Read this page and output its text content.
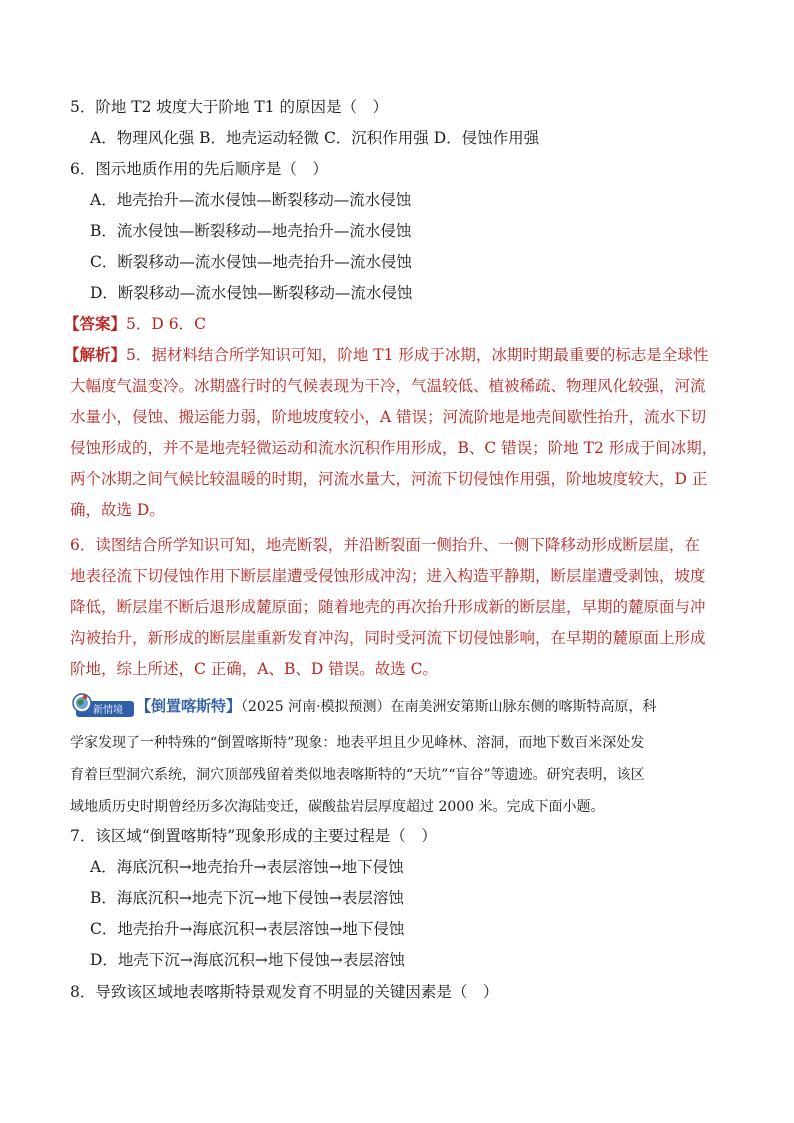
5．阶地 T2 坡度大于阶地 T1 的原因是（　）
A．物理风化强 B．地壳运动轻微 C．沉积作用强 D．侵蚀作用强
6．图示地质作用的先后顺序是（　）
A．地壳抬升—流水侵蚀—断裂移动—流水侵蚀
B．流水侵蚀—断裂移动—地壳抬升—流水侵蚀
C．断裂移动—流水侵蚀—地壳抬升—流水侵蚀
D．断裂移动—流水侵蚀—断裂移动—流水侵蚀
【答案】5．D 6．C
【解析】5．据材料结合所学知识可知，阶地 T1 形成于冰期，冰期时期最重要的标志是全球性
大幅度气温变冷。冰期盛行时的气候表现为干冷，气温较低、植被稀疏、物理风化较强，河流
水量小，侵蚀、搬运能力弱，阶地坡度较小，A 错误；河流阶地是地壳间歇性抬升，流水下切
侵蚀形成的，并不是地壳轻微运动和流水沉积作用形成，B、C 错误；阶地 T2 形成于间冰期，
两个冰期之间气候比较温暖的时期，河流水量大，河流下切侵蚀作用强，阶地坡度较大，D 正
确，故选 D。
6．读图结合所学知识可知，地壳断裂，并沿断裂面一侧抬升、一侧下降移动形成断层崖，在
地表径流下切侵蚀作用下断层崖遭受侵蚀形成冲沟；进入构造平静期，断层崖遭受剥蚀，坡度
降低，断层崖不断后退形成麓原面；随着地壳的再次抬升形成新的断层崖，早期的麓原面与冲
沟被抬升，新形成的断层崖重新发育冲沟，同时受河流下切侵蚀影响，在早期的麓原面上形成
阶地，综上所述，C 正确，A、B、D 错误。故选 C。
新情境 【倒置喀斯特】（2025 河南·模拟预测）在南美洲安第斯山脉东侧的喀斯特高原，科
学家发现了一种特殊的“倒置喀斯特”现象：地表平坦且少见峰林、溶洞，而地下数百米深处发
育着巨型洞穴系统，洞穴顶部残留着类似地表喀斯特的“天坑”“盲谷”等遗迹。研究表明，该区
域地质历史时期曾经历多次海陆变迁，碳酸盐岩层厚度超过 2000 米。完成下面小题。
7．该区域“倒置喀斯特”现象形成的主要过程是（　）
A．海底沉积→地壳抬升→表层溶蚀→地下侵蚀
B．海底沉积→地壳下沉→地下侵蚀→表层溶蚀
C．地壳抬升→海底沉积→表层溶蚀→地下侵蚀
D．地壳下沉→海底沉积→地下侵蚀→表层溶蚀
8．导致该区域地表喀斯特景观发育不明显的关键因素是（　）
